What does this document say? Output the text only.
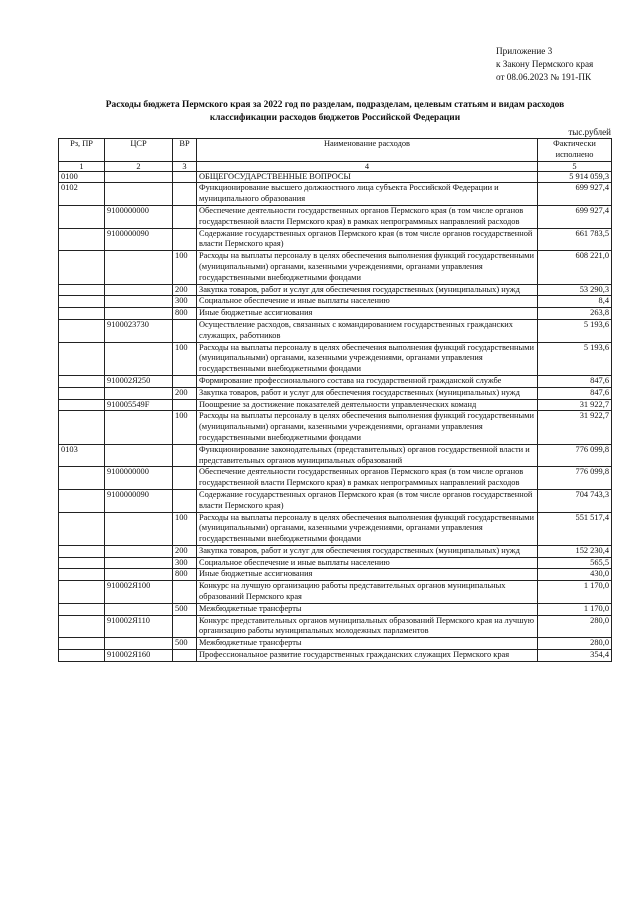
Приложение 3
к Закону Пермского края
от 08.06.2023 № 191-ПК
Расходы бюджета Пермского края за 2022 год по разделам, подразделам, целевым статьям и видам расходов
классификации расходов бюджетов Российской Федерации
тыс.рублей
Рз, ПР	ЦСР	ВР	Наименование расходов	Фактически исполнено
1	2	3	4	5
0100			ОБЩЕГОСУДАРСТВЕННЫЕ ВОПРОСЫ	5 914 059,3
0102			Функционирование высшего должностного лица субъекта Российской Федерации и муниципального образования	699 927,4
	9100000000		Обеспечение деятельности государственных органов Пермского края (в том числе органов государственной власти Пермского края) в рамках непрограммных направлений расходов	699 927,4
	9100000090		Содержание государственных органов Пермского края (в том числе органов государственной власти Пермского края)	661 783,5
		100	Расходы на выплаты персоналу в целях обеспечения выполнения функций государственными (муниципальными) органами, казенными учреждениями, органами управления государственными внебюджетными фондами	608 221,0
		200	Закупка товаров, работ и услуг для обеспечения государственных (муниципальных) нужд	53 290,3
		300	Социальное обеспечение и иные выплаты населению	8,4
		800	Иные бюджетные ассигнования	263,8
	9100023730		Осуществление расходов, связанных с командированием государственных гражданских служащих, работников	5 193,6
		100	Расходы на выплаты персоналу в целях обеспечения выполнения функций государственными (муниципальными) органами, казенными учреждениями, органами управления государственными внебюджетными фондами	5 193,6
	910002Я250		Формирование профессионального состава на государственной гражданской службе	847,6
		200	Закупка товаров, работ и услуг для обеспечения государственных (муниципальных) нужд	847,6
	910005549F		Поощрение за достижение показателей деятельности управленческих команд	31 922,7
		100	Расходы на выплаты персоналу в целях обеспечения выполнения функций государственными (муниципальными) органами, казенными учреждениями, органами управления государственными внебюджетными фондами	31 922,7
0103			Функционирование законодательных (представительных) органов государственной власти и представительных органов муниципальных образований	776 099,8
	9100000000		Обеспечение деятельности государственных органов Пермского края (в том числе органов государственной власти Пермского края) в рамках непрограммных направлений расходов	776 099,8
	9100000090		Содержание государственных органов Пермского края (в том числе органов государственной власти Пермского края)	704 743,3
		100	Расходы на выплаты персоналу в целях обеспечения выполнения функций государственными (муниципальными) органами, казенными учреждениями, органами управления государственными внебюджетными фондами	551 517,4
		200	Закупка товаров, работ и услуг для обеспечения государственных (муниципальных) нужд	152 230,4
		300	Социальное обеспечение и иные выплаты населению	565,5
		800	Иные бюджетные ассигнования	430,0
	910002Я100		Конкурс на лучшую организацию работы представительных органов муниципальных образований Пермского края	1 170,0
		500	Межбюджетные трансферты	1 170,0
	910002Я110		Конкурс представительных органов муниципальных образований Пермского края на лучшую организацию работы муниципальных молодежных парламентов	280,0
		500	Межбюджетные трансферты	280,0
	910002Я160		Профессиональное развитие государственных гражданских служащих Пермского края	354,4
